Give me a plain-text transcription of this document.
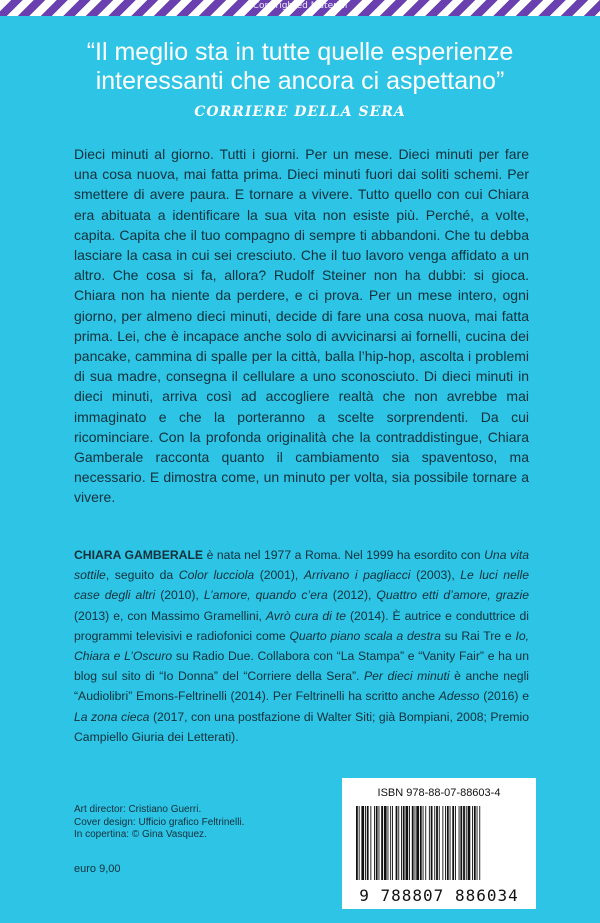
Copyrighted Material
“Il meglio sta in tutte quelle esperienze interessanti che ancora ci aspettano”
CORRIERE DELLA SERA
Dieci minuti al giorno. Tutti i giorni. Per un mese. Dieci minuti per fare una cosa nuova, mai fatta prima. Dieci minuti fuori dai soliti schemi. Per smettere di avere paura. E tornare a vivere. Tutto quello con cui Chiara era abituata a identificare la sua vita non esiste più. Perché, a volte, capita. Capita che il tuo compagno di sempre ti abbandoni. Che tu debba lasciare la casa in cui sei cresciuto. Che il tuo lavoro venga affidato a un altro. Che cosa si fa, allora? Rudolf Steiner non ha dubbi: si gioca. Chiara non ha niente da perdere, e ci prova. Per un mese intero, ogni giorno, per almeno dieci minuti, decide di fare una cosa nuova, mai fatta prima. Lei, che è incapace anche solo di avvicinarsi ai fornelli, cucina dei pancake, cammina di spalle per la città, balla l’hip-hop, ascolta i problemi di sua madre, consegna il cellulare a uno sconosciuto. Di dieci minuti in dieci minuti, arriva così ad accogliere realtà che non avrebbe mai immaginato e che la porteranno a scelte sorprendenti. Da cui ricominciare. Con la profonda originalità che la contraddistingue, Chiara Gamberale racconta quanto il cambiamento sia spaventoso, ma necessario. E dimostra come, un minuto per volta, sia possibile tornare a vivere.
CHIARA GAMBERALE è nata nel 1977 a Roma. Nel 1999 ha esordito con Una vita sottile, seguito da Color lucciola (2001), Arrivano i pagliacci (2003), Le luci nelle case degli altri (2010), L’amore, quando c’era (2012), Quattro etti d’amore, grazie (2013) e, con Massimo Gramellini, Avrò cura di te (2014). È autrice e conduttrice di programmi televisivi e radiofonici come Quarto piano scala a destra su Rai Tre e Io, Chiara e L’Oscuro su Radio Due. Collabora con “La Stampa” e “Vanity Fair” e ha un blog sul sito di “Io Donna” del “Corriere della Sera”. Per dieci minuti è anche negli “Audiolibri” Emons-Feltrinelli (2014). Per Feltrinelli ha scritto anche Adesso (2016) e La zona cieca (2017, con una postfazione di Walter Siti; già Bompiani, 2008; Premio Campiello Giuria dei Letterati).
Art director: Cristiano Guerri.
Cover design: Ufficio grafico Feltrinelli.
In copertina: © Gina Vasquez.
euro 9,00
ISBN 978-88-07-88603-4
9 788807 886034
